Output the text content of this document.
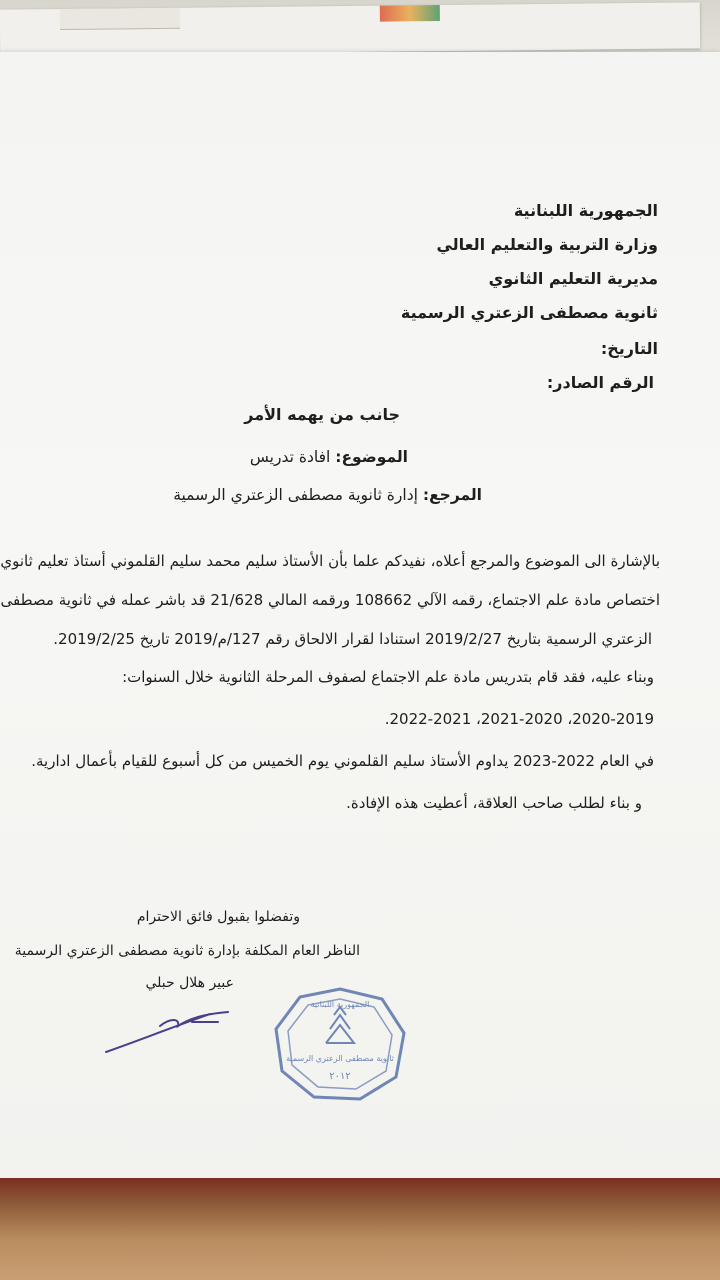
الجمهورية اللبنانية
وزارة التربية والتعليم العالي
مديرية التعليم الثانوي
ثانوية مصطفى الزعتري الرسمية
التاريخ:
الرقم الصادر:
جانب من يهمه الأمر
الموضوع: افادة تدريس
المرجع: إدارة ثانوية مصطفى الزعتري الرسمية
بالإشارة الى الموضوع والمرجع أعلاه، نفيدكم علما بأن الأستاذ سليم محمد سليم القلموني أستاذ تعليم ثانوي
اختصاص مادة علم الاجتماع، رقمه الآلي 108662 ورقمه المالي 21/628 قد باشر عمله في ثانوية مصطفى
الزعتري الرسمية بتاريخ 2019/2/27 استنادا لقرار الالحاق رقم 127/م/2019 تاريخ 2019/2/25.
وبناء عليه، فقد قام بتدريس مادة علم الاجتماع لصفوف المرحلة الثانوية خلال السنوات:
2020-2019، 2021-2020، 2022-2021.
في العام 2022-2023 يداوم الأستاذ سليم القلموني يوم الخميس من كل أسبوع للقيام بأعمال ادارية.
و بناء لطلب صاحب العلاقة، أعطيت هذه الإفادة.
وتفضلوا بقبول فائق الاحترام
الناظر العام المكلفة بإدارة ثانوية مصطفى الزعتري الرسمية
عبير هلال حبلي
الجمهورية اللبنانية
ثانوية مصطفى الزعتري الرسمية
٢٠١٢
